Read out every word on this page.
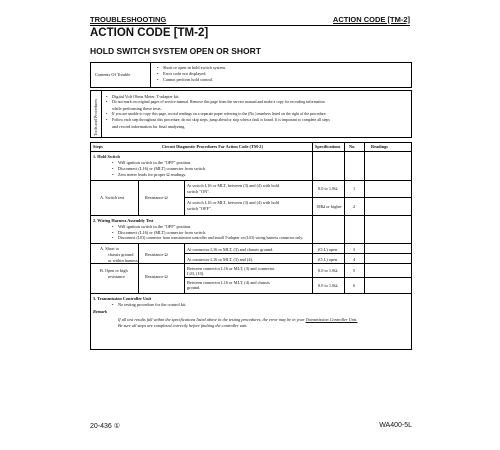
TROUBLESHOOTING	ACTION CODE [TM-2]
ACTION CODE [TM-2]
HOLD SWITCH SYSTEM OPEN OR SHORT
Contents Of Trouble
• Short or open in hold switch system.
• Error code not displayed.
• Cannot perform hold control.
Tools and Procedures
• Digital Volt Ohms Meter. T-adapter kit.
• Do not mark on original pages of service manual. Remove this page from the service manual and make a copy for recording information
while performing these tests.
• If you are unable to copy this page, record readings on a separate paper referring to the (No.) numbers listed on the right of the procedure.
• Follow each step throughout this procedure, do not skip steps, jump ahead or stop when a fault is found. It is important to complete all steps
and record information for final analyzing.
Steps	Circuit Diagnostic Procedures For Action Code (TM-2)	Specifications No.	Readings
1. Hold Switch
• Will ignition switch in the "OFF" position.
• Disconnect (L16) or (MLT) connector from switch.
• Zero meter leads for proper Ω readings.
A. Switch test	Resistance Ω
At switch L16 or MLT, between (3) and (4) with hold
switch "ON".
0.0 to 1.0Ω	1
At switch L16 or MLT, between (3) and (4) with hold
switch "OFF".	1MΩ or higher	2
2. Wiring Harness Assembly Test
• Will ignition switch in the "OFF" position.
• Disconnect (L16) or (MLT) connector from switch.
• Disconnect (L03) connector from transmission controller and install T-adapter on (L03) wiring harness connector only.
A. Short to
chassis ground
or within harness
Resistance Ω
At connector L16 or MLT, (3) and chassis ground.	(O.L) open	3
At connector L16 or MLT, (3) and (4).	(O.L) open	4
B. Open or high
resistance	Resistance Ω
Between connector L16 or MLT, (3) and connector
L03, (10).
0.0 to 1.0Ω	5
Between connector L16 or MLT, (4) and chassis
ground.	0.0 to 1.0Ω	6
3. Transmission Controller Unit
• No testing procedure for the control kit.
Remark
If all test results fall within the specifications listed above in the testing procedures, the error may be in your Transmission Controller Unit.
Be sure all steps are completed correctly before faulting the controller unit.
20-436 ①	WA400-5L
